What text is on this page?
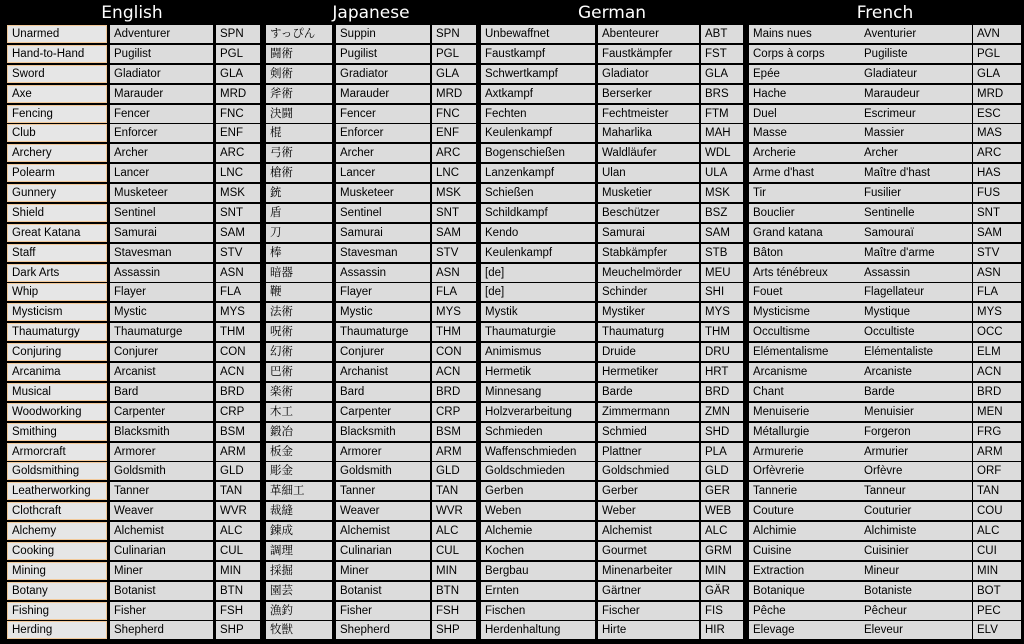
English	Japanese	German	French
Unarmed	Adventurer	SPN	すっぴん	Suppin	SPN	Unbewaffnet	Abenteurer	ABT	Mains nues	Aventurier	AVN
Hand-to-Hand	Pugilist	PGL	闘術	Pugilist	PGL	Faustkampf	Faustkämpfer	FST	Corps à corps	Pugiliste	PGL
Sword	Gladiator	GLA	剣術	Gradiator	GLA	Schwertkampf	Gladiator	GLA	Epée	Gladiateur	GLA
Axe	Marauder	MRD	斧術	Marauder	MRD	Axtkampf	Berserker	BRS	Hache	Maraudeur	MRD
Fencing	Fencer	FNC	決闘	Fencer	FNC	Fechten	Fechtmeister	FTM	Duel	Escrimeur	ESC
Club	Enforcer	ENF	棍	Enforcer	ENF	Keulenkampf	Maharlika	MAH	Masse	Massier	MAS
Archery	Archer	ARC	弓術	Archer	ARC	Bogenschießen	Waldläufer	WDL	Archerie	Archer	ARC
Polearm	Lancer	LNC	槍術	Lancer	LNC	Lanzenkampf	Ulan	ULA	Arme d'hast	Maître d'hast	HAS
Gunnery	Musketeer	MSK	銃	Musketeer	MSK	Schießen	Musketier	MSK	Tir	Fusilier	FUS
Shield	Sentinel	SNT	盾	Sentinel	SNT	Schildkampf	Beschützer	BSZ	Bouclier	Sentinelle	SNT
Great Katana	Samurai	SAM	刀	Samurai	SAM	Kendo	Samurai	SAM	Grand katana	Samouraï	SAM
Staff	Stavesman	STV	棒	Stavesman	STV	Keulenkampf	Stabkämpfer	STB	Bâton	Maître d'arme	STV
Dark Arts	Assassin	ASN	暗器	Assassin	ASN	[de]	Meuchelmörder	MEU	Arts ténébreux	Assassin	ASN
Whip	Flayer	FLA	鞭	Flayer	FLA	[de]	Schinder	SHI	Fouet	Flagellateur	FLA
Mysticism	Mystic	MYS	法術	Mystic	MYS	Mystik	Mystiker	MYS	Mysticisme	Mystique	MYS
Thaumaturgy	Thaumaturge	THM	呪術	Thaumaturge	THM	Thaumaturgie	Thaumaturg	THM	Occultisme	Occultiste	OCC
Conjuring	Conjurer	CON	幻術	Conjurer	CON	Animismus	Druide	DRU	Elémentalisme	Elémentaliste	ELM
Arcanima	Arcanist	ACN	巴術	Archanist	ACN	Hermetik	Hermetiker	HRT	Arcanisme	Arcaniste	ACN
Musical	Bard	BRD	楽術	Bard	BRD	Minnesang	Barde	BRD	Chant	Barde	BRD
Woodworking	Carpenter	CRP	木工	Carpenter	CRP	Holzverarbeitung	Zimmermann	ZMN	Menuiserie	Menuisier	MEN
Smithing	Blacksmith	BSM	鍛冶	Blacksmith	BSM	Schmieden	Schmied	SHD	Métallurgie	Forgeron	FRG
Armorcraft	Armorer	ARM	板金	Armorer	ARM	Waffenschmieden	Plattner	PLA	Armurerie	Armurier	ARM
Goldsmithing	Goldsmith	GLD	彫金	Goldsmith	GLD	Goldschmieden	Goldschmied	GLD	Orfèvrerie	Orfèvre	ORF
Leatherworking	Tanner	TAN	革細工	Tanner	TAN	Gerben	Gerber	GER	Tannerie	Tanneur	TAN
Clothcraft	Weaver	WVR	裁縫	Weaver	WVR	Weben	Weber	WEB	Couture	Couturier	COU
Alchemy	Alchemist	ALC	錬成	Alchemist	ALC	Alchemie	Alchemist	ALC	Alchimie	Alchimiste	ALC
Cooking	Culinarian	CUL	調理	Culinarian	CUL	Kochen	Gourmet	GRM	Cuisine	Cuisinier	CUI
Mining	Miner	MIN	採掘	Miner	MIN	Bergbau	Minenarbeiter	MIN	Extraction	Mineur	MIN
Botany	Botanist	BTN	園芸	Botanist	BTN	Ernten	Gärtner	GÄR	Botanique	Botaniste	BOT
Fishing	Fisher	FSH	漁釣	Fisher	FSH	Fischen	Fischer	FIS	Pêche	Pêcheur	PEC
Herding	Shepherd	SHP	牧獣	Shepherd	SHP	Herdenhaltung	Hirte	HIR	Elevage	Eleveur	ELV
